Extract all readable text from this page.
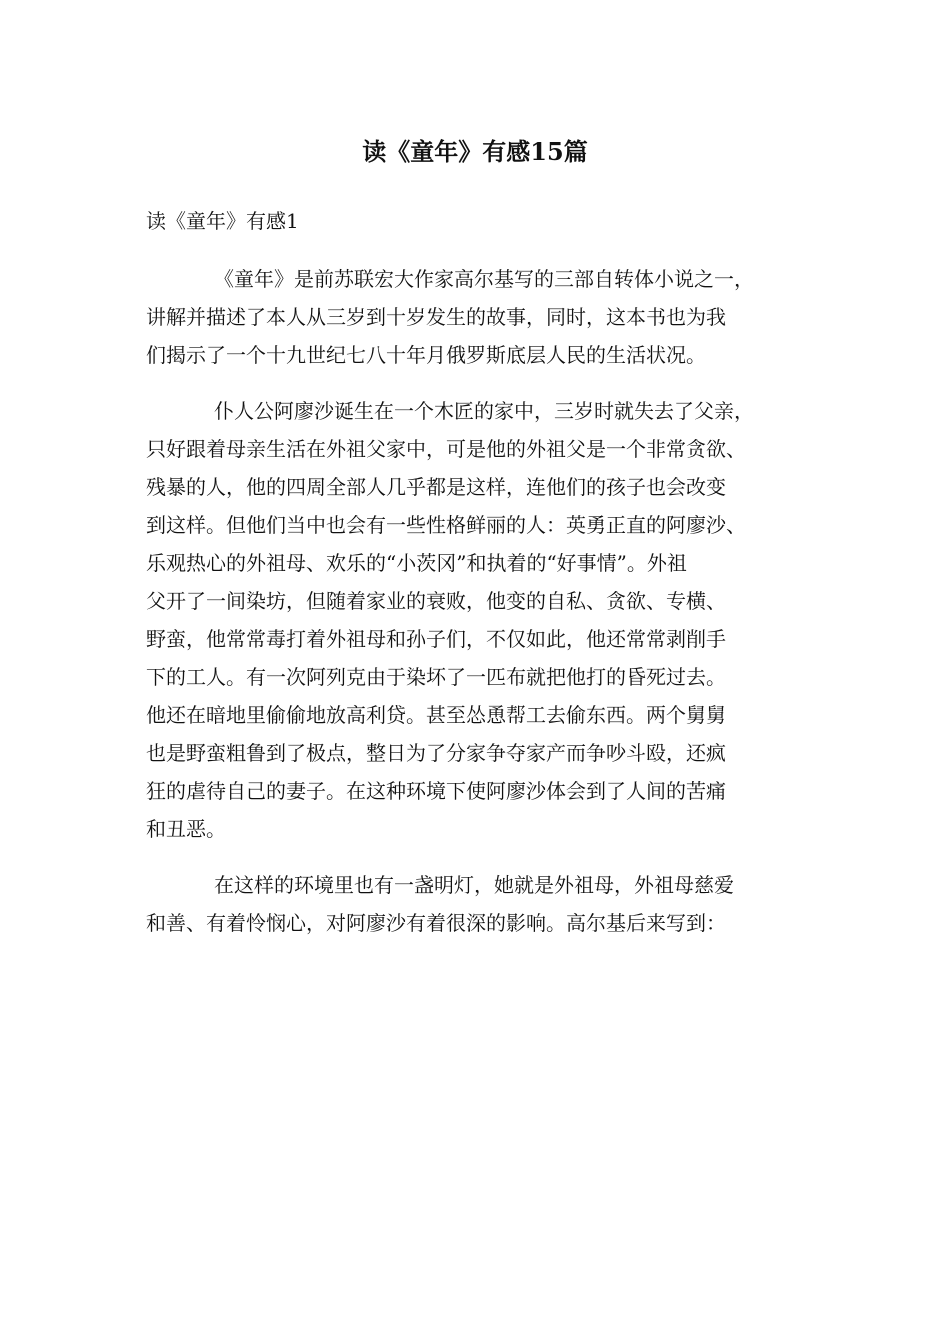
读《童年》有感15篇
读《童年》有感1
《童年》是前苏联宏大作家高尔基写的三部自转体小说之一，
讲解并描述了本人从三岁到十岁发生的故事，同时，这本书也为我
们揭示了一个十九世纪七八十年月俄罗斯底层人民的生活状况。
仆人公阿廖沙诞生在一个木匠的家中，三岁时就失去了父亲，
只好跟着母亲生活在外祖父家中，可是他的外祖父是一个非常贪欲、
残暴的人，他的四周全部人几乎都是这样，连他们的孩子也会改变
到这样。但他们当中也会有一些性格鲜丽的人：英勇正直的阿廖沙、
乐观热心的外祖母、欢乐的“小茨冈”和执着的“好事情”。外祖
父开了一间染坊，但随着家业的衰败，他变的自私、贪欲、专横、
野蛮，他常常毒打着外祖母和孙子们，不仅如此，他还常常剥削手
下的工人。有一次阿列克由于染坏了一匹布就把他打的昏死过去。
他还在暗地里偷偷地放高利贷。甚至怂恿帮工去偷东西。两个舅舅
也是野蛮粗鲁到了极点，整日为了分家争夺家产而争吵斗殴，还疯
狂的虐待自己的妻子。在这种环境下使阿廖沙体会到了人间的苦痛
和丑恶。
在这样的环境里也有一盏明灯，她就是外祖母，外祖母慈爱
和善、有着怜悯心，对阿廖沙有着很深的影响。高尔基后来写到：
